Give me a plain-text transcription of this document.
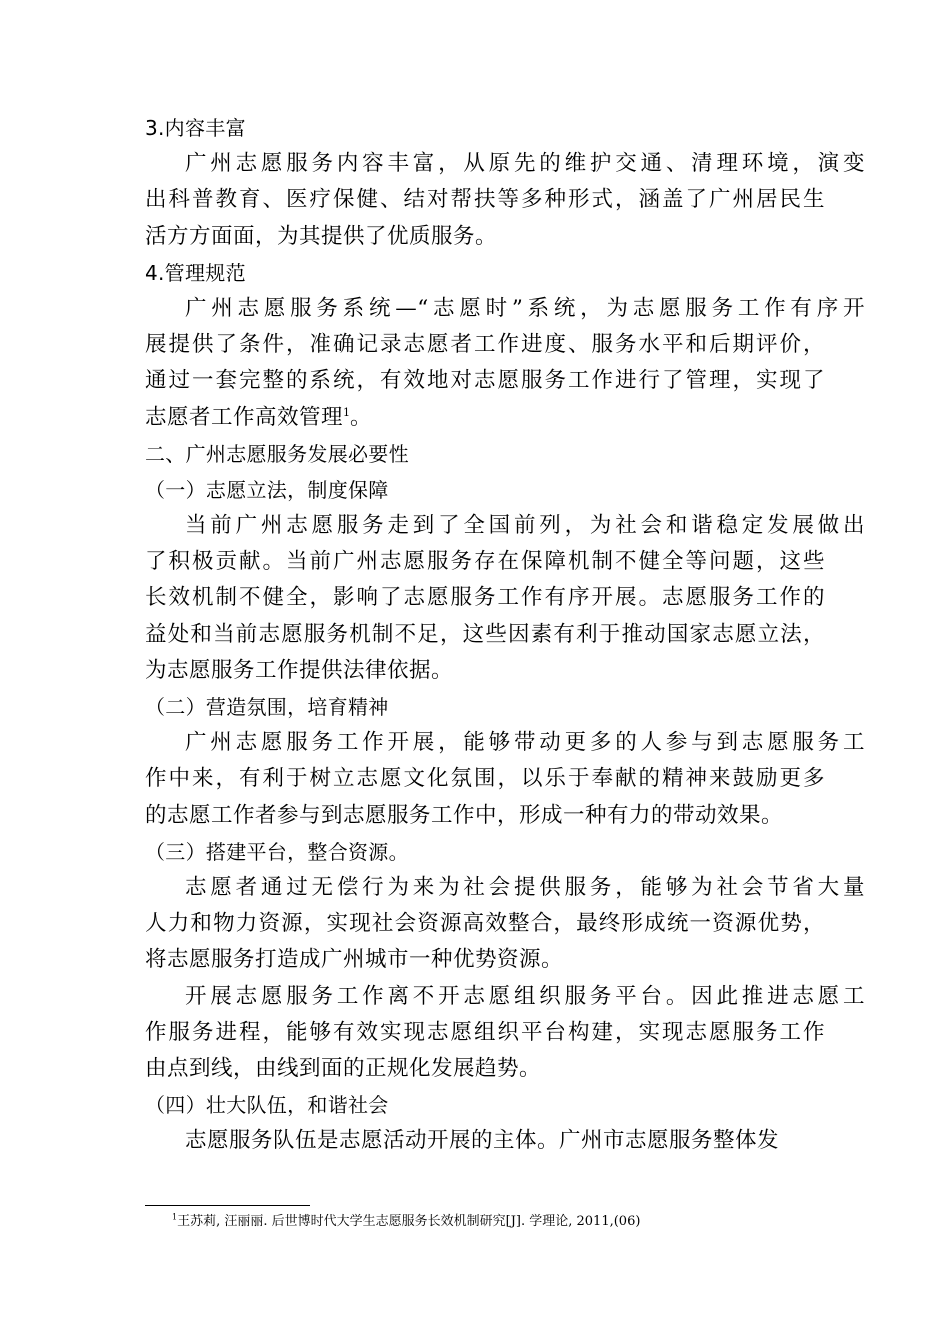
3.内容丰富
广州志愿服务内容丰富，从原先的维护交通、清理环境，演变
出科普教育、医疗保健、结对帮扶等多种形式，涵盖了广州居民生
活方方面面，为其提供了优质服务。
4.管理规范
广州志愿服务系统—“志愿时”系统，为志愿服务工作有序开
展提供了条件，准确记录志愿者工作进度、服务水平和后期评价，
通过一套完整的系统，有效地对志愿服务工作进行了管理，实现了
志愿者工作高效管理$^1$。
二、广州志愿服务发展必要性
（一）志愿立法，制度保障
当前广州志愿服务走到了全国前列，为社会和谐稳定发展做出
了积极贡献。当前广州志愿服务存在保障机制不健全等问题，这些
长效机制不健全，影响了志愿服务工作有序开展。志愿服务工作的
益处和当前志愿服务机制不足，这些因素有利于推动国家志愿立法，
为志愿服务工作提供法律依据。
（二）营造氛围，培育精神
广州志愿服务工作开展，能够带动更多的人参与到志愿服务工
作中来，有利于树立志愿文化氛围，以乐于奉献的精神来鼓励更多
的志愿工作者参与到志愿服务工作中，形成一种有力的带动效果。
（三）搭建平台，整合资源。
志愿者通过无偿行为来为社会提供服务，能够为社会节省大量
人力和物力资源，实现社会资源高效整合，最终形成统一资源优势，
将志愿服务打造成广州城市一种优势资源。
开展志愿服务工作离不开志愿组织服务平台。因此推进志愿工
作服务进程，能够有效实现志愿组织平台构建，实现志愿服务工作
由点到线，由线到面的正规化发展趋势。
（四）壮大队伍，和谐社会
志愿服务队伍是志愿活动开展的主体。广州市志愿服务整体发
$^1$王苏莉, 汪丽丽. 后世博时代大学生志愿服务长效机制研究[J]. 学理论, 2011,(06)
